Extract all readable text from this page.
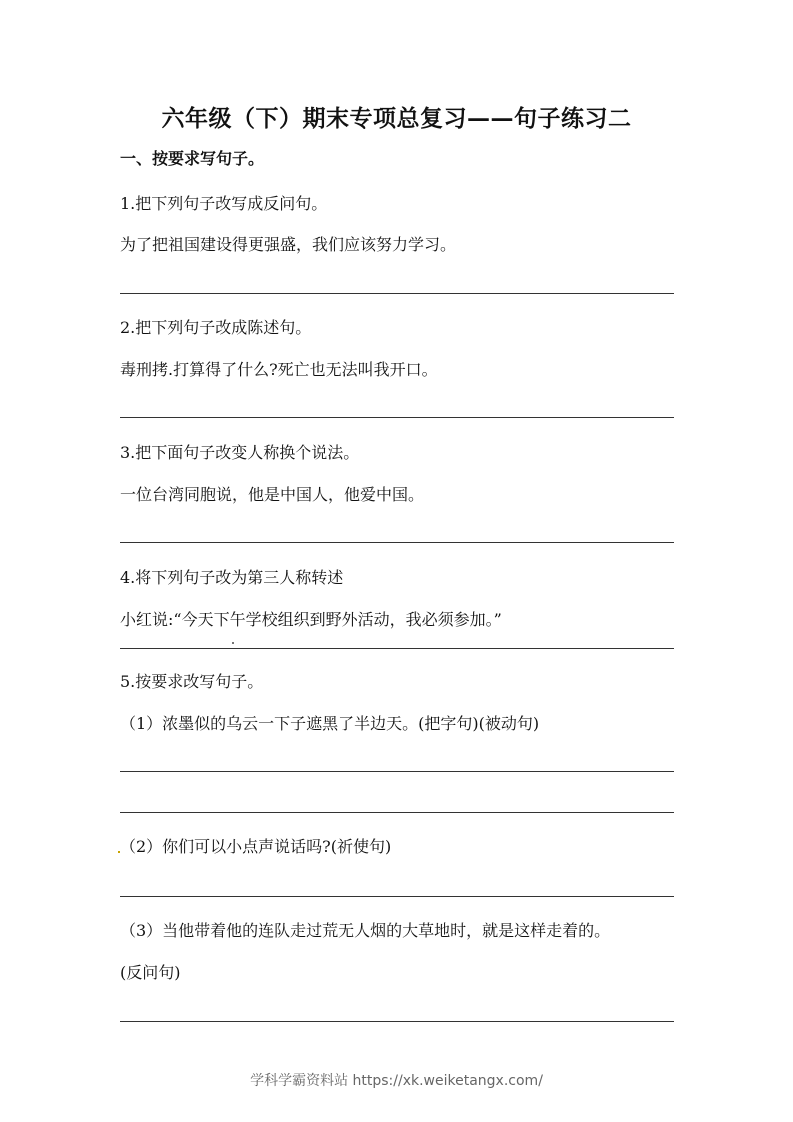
六年级（下）期末专项总复习——句子练习二
一、按要求写句子。
1.把下列句子改写成反问句。
为了把祖国建设得更强盛，我们应该努力学习。
2.把下列句子改成陈述句。
毒刑拷.打算得了什么?死亡也无法叫我开口。
3.把下面句子改变人称换个说法。
一位台湾同胞说，他是中国人，他爱中国。
4.将下列句子改为第三人称转述
小红说:“今天下午学校组织到野外活动，我必须参加。”
5.按要求改写句子。
（1）浓墨似的乌云一下子遮黑了半边天。(把字句)(被动句)
（2）你们可以小点声说话吗?(祈使句)
（3）当他带着他的连队走过荒无人烟的大草地时，就是这样走着的。
(反问句)
学科学霸资料站 https://xk.weiketangx.com/
